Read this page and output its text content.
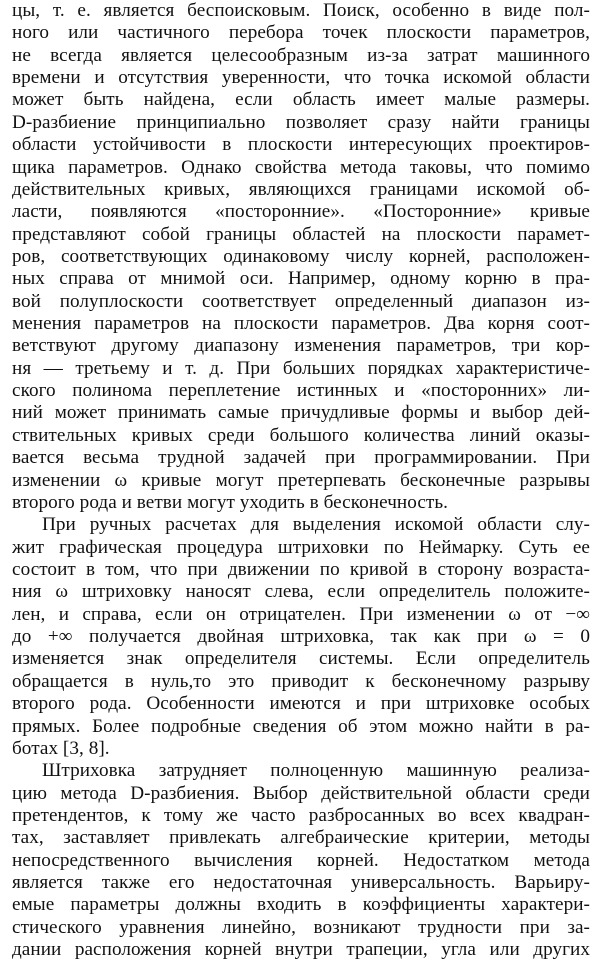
цы, т. е. является беспоисковым. Поиск, особенно в виде пол-
ного или частичного перебора точек плоскости параметров,
не всегда является целесообразным из-за затрат машинного
времени и отсутствия уверенности, что точка искомой области
может быть найдена, если область имеет малые размеры.
D-разбиение принципиально позволяет сразу найти границы
области устойчивости в плоскости интересующих проектиров-
щика параметров. Однако свойства метода таковы, что помимо
действительных кривых, являющихся границами искомой об-
ласти, появляются «посторонние». «Посторонние» кривые
представляют собой границы областей на плоскости парамет-
ров, соответствующих одинаковому числу корней, расположен-
ных справа от мнимой оси. Например, одному корню в пра-
вой полуплоскости соответствует определенный диапазон из-
менения параметров на плоскости параметров. Два корня соот-
ветствуют другому диапазону изменения параметров, три кор-
ня — третьему и т. д. При больших порядках характеристиче-
ского полинома переплетение истинных и «посторонних» ли-
ний может принимать самые причудливые формы и выбор дей-
ствительных кривых среди большого количества линий оказы-
вается весьма трудной задачей при программировании. При
изменении ω кривые могут претерпевать бесконечные разрывы
второго рода и ветви могут уходить в бесконечность.
При ручных расчетах для выделения искомой области слу-
жит графическая процедура штриховки по Неймарку. Суть ее
состоит в том, что при движении по кривой в сторону возраста-
ния ω штриховку наносят слева, если определитель положите-
лен, и справа, если он отрицателен. При изменении ω от −∞
до +∞ получается двойная штриховка, так как при ω = 0
изменяется знак определителя системы. Если определитель
обращается в нуль,то это приводит к бесконечному разрыву
второго рода. Особенности имеются и при штриховке особых
прямых. Более подробные сведения об этом можно найти в ра-
ботах [3, 8].
Штриховка затрудняет полноценную машинную реализа-
цию метода D-разбиения. Выбор действительной области среди
претендентов, к тому же часто разбросанных во всех квадран-
тах, заставляет привлекать алгебраические критерии, методы
непосредственного вычисления корней. Недостатком метода
является также его недостаточная универсальность. Варьиру-
емые параметры должны входить в коэффициенты характери-
стического уравнения линейно, возникают трудности при за-
дании расположения корней внутри трапеции, угла или других
